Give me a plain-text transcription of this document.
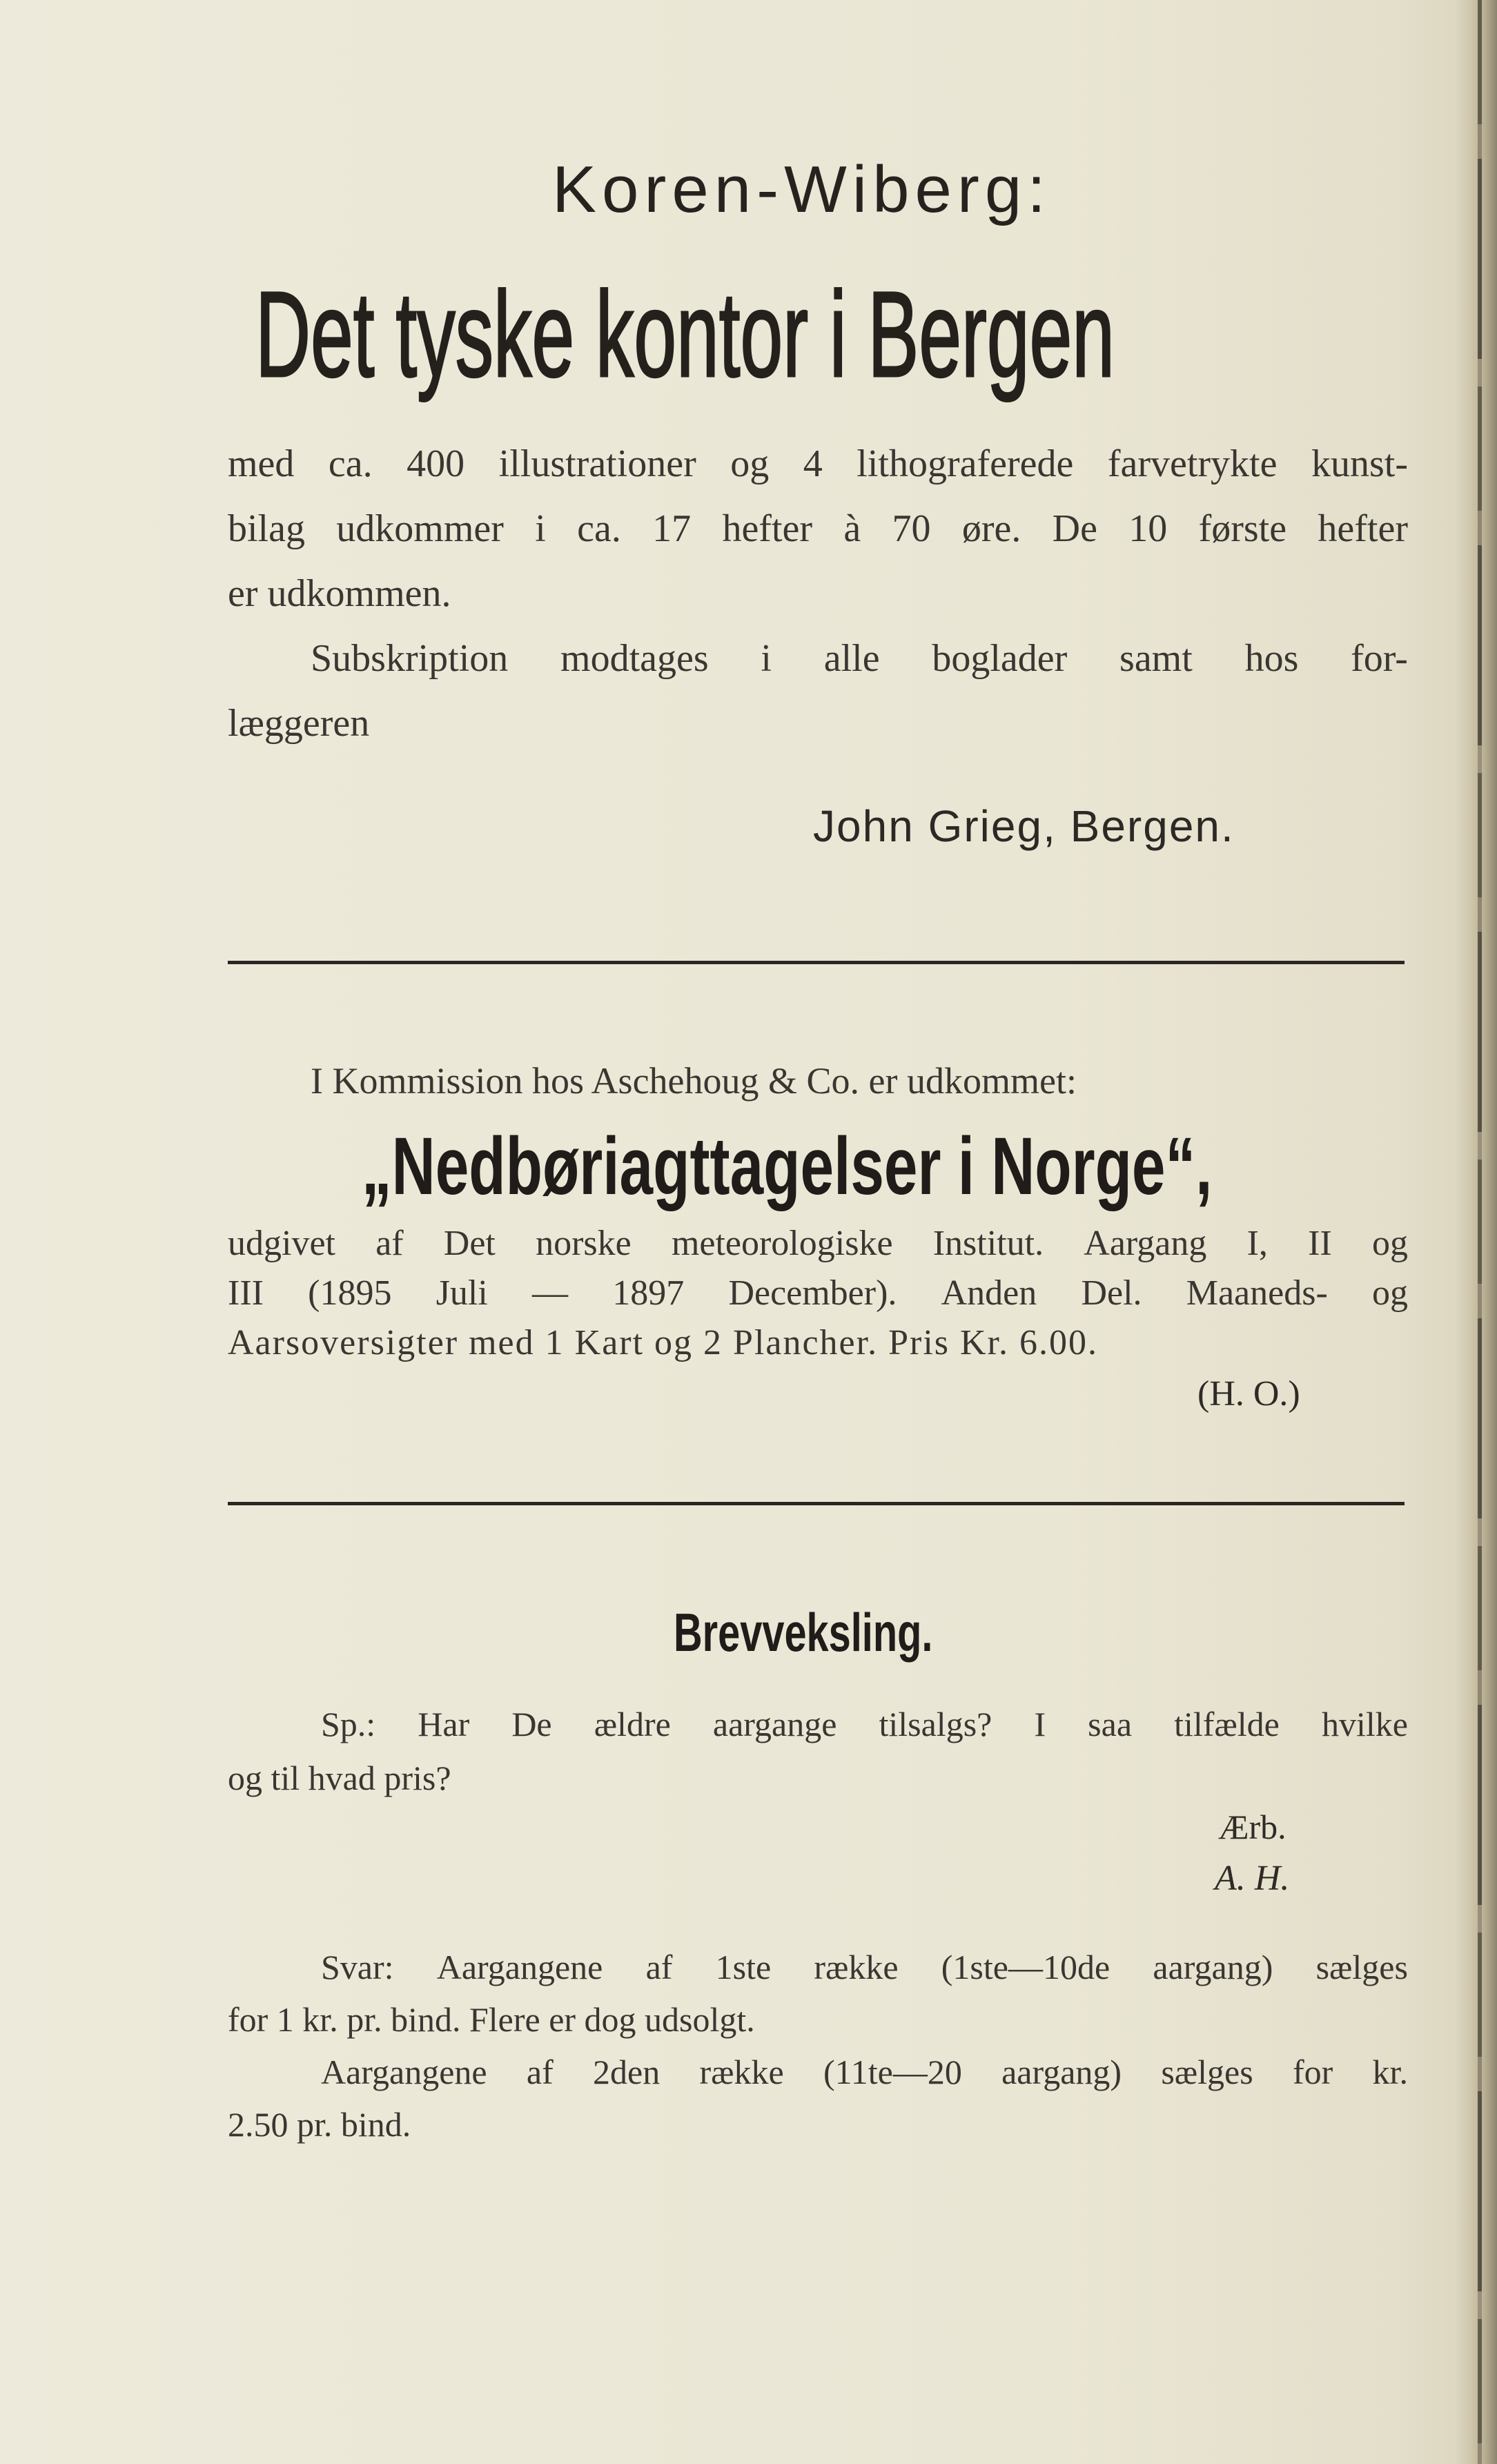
Koren-Wiberg:
Det tyske kontor i Bergen
med ca. 400 illustrationer og 4 lithograferede farvetrykte kunst-
bilag udkommer i ca. 17 hefter à 70 øre. De 10 første hefter
er udkommen.
Subskription modtages i alle boglader samt hos for-
læggeren
John Grieg, Bergen.
I Kommission hos Aschehoug & Co. er udkommet:
„Nedbøriagttagelser i Norge“,
udgivet af Det norske meteorologiske Institut. Aargang I, II og
III (1895 Juli — 1897 December). Anden Del. Maaneds- og
Aarsoversigter med 1 Kart og 2 Plancher. Pris Kr. 6.00.
(H. O.)
Brevveksling.
Sp.: Har De ældre aargange tilsalgs? I saa tilfælde hvilke
og til hvad pris?
Ærb.
A. H.
Svar: Aargangene af 1ste række (1ste—10de aargang) sælges
for 1 kr. pr. bind. Flere er dog udsolgt.
Aargangene af 2den række (11te—20 aargang) sælges for kr.
2.50 pr. bind.
